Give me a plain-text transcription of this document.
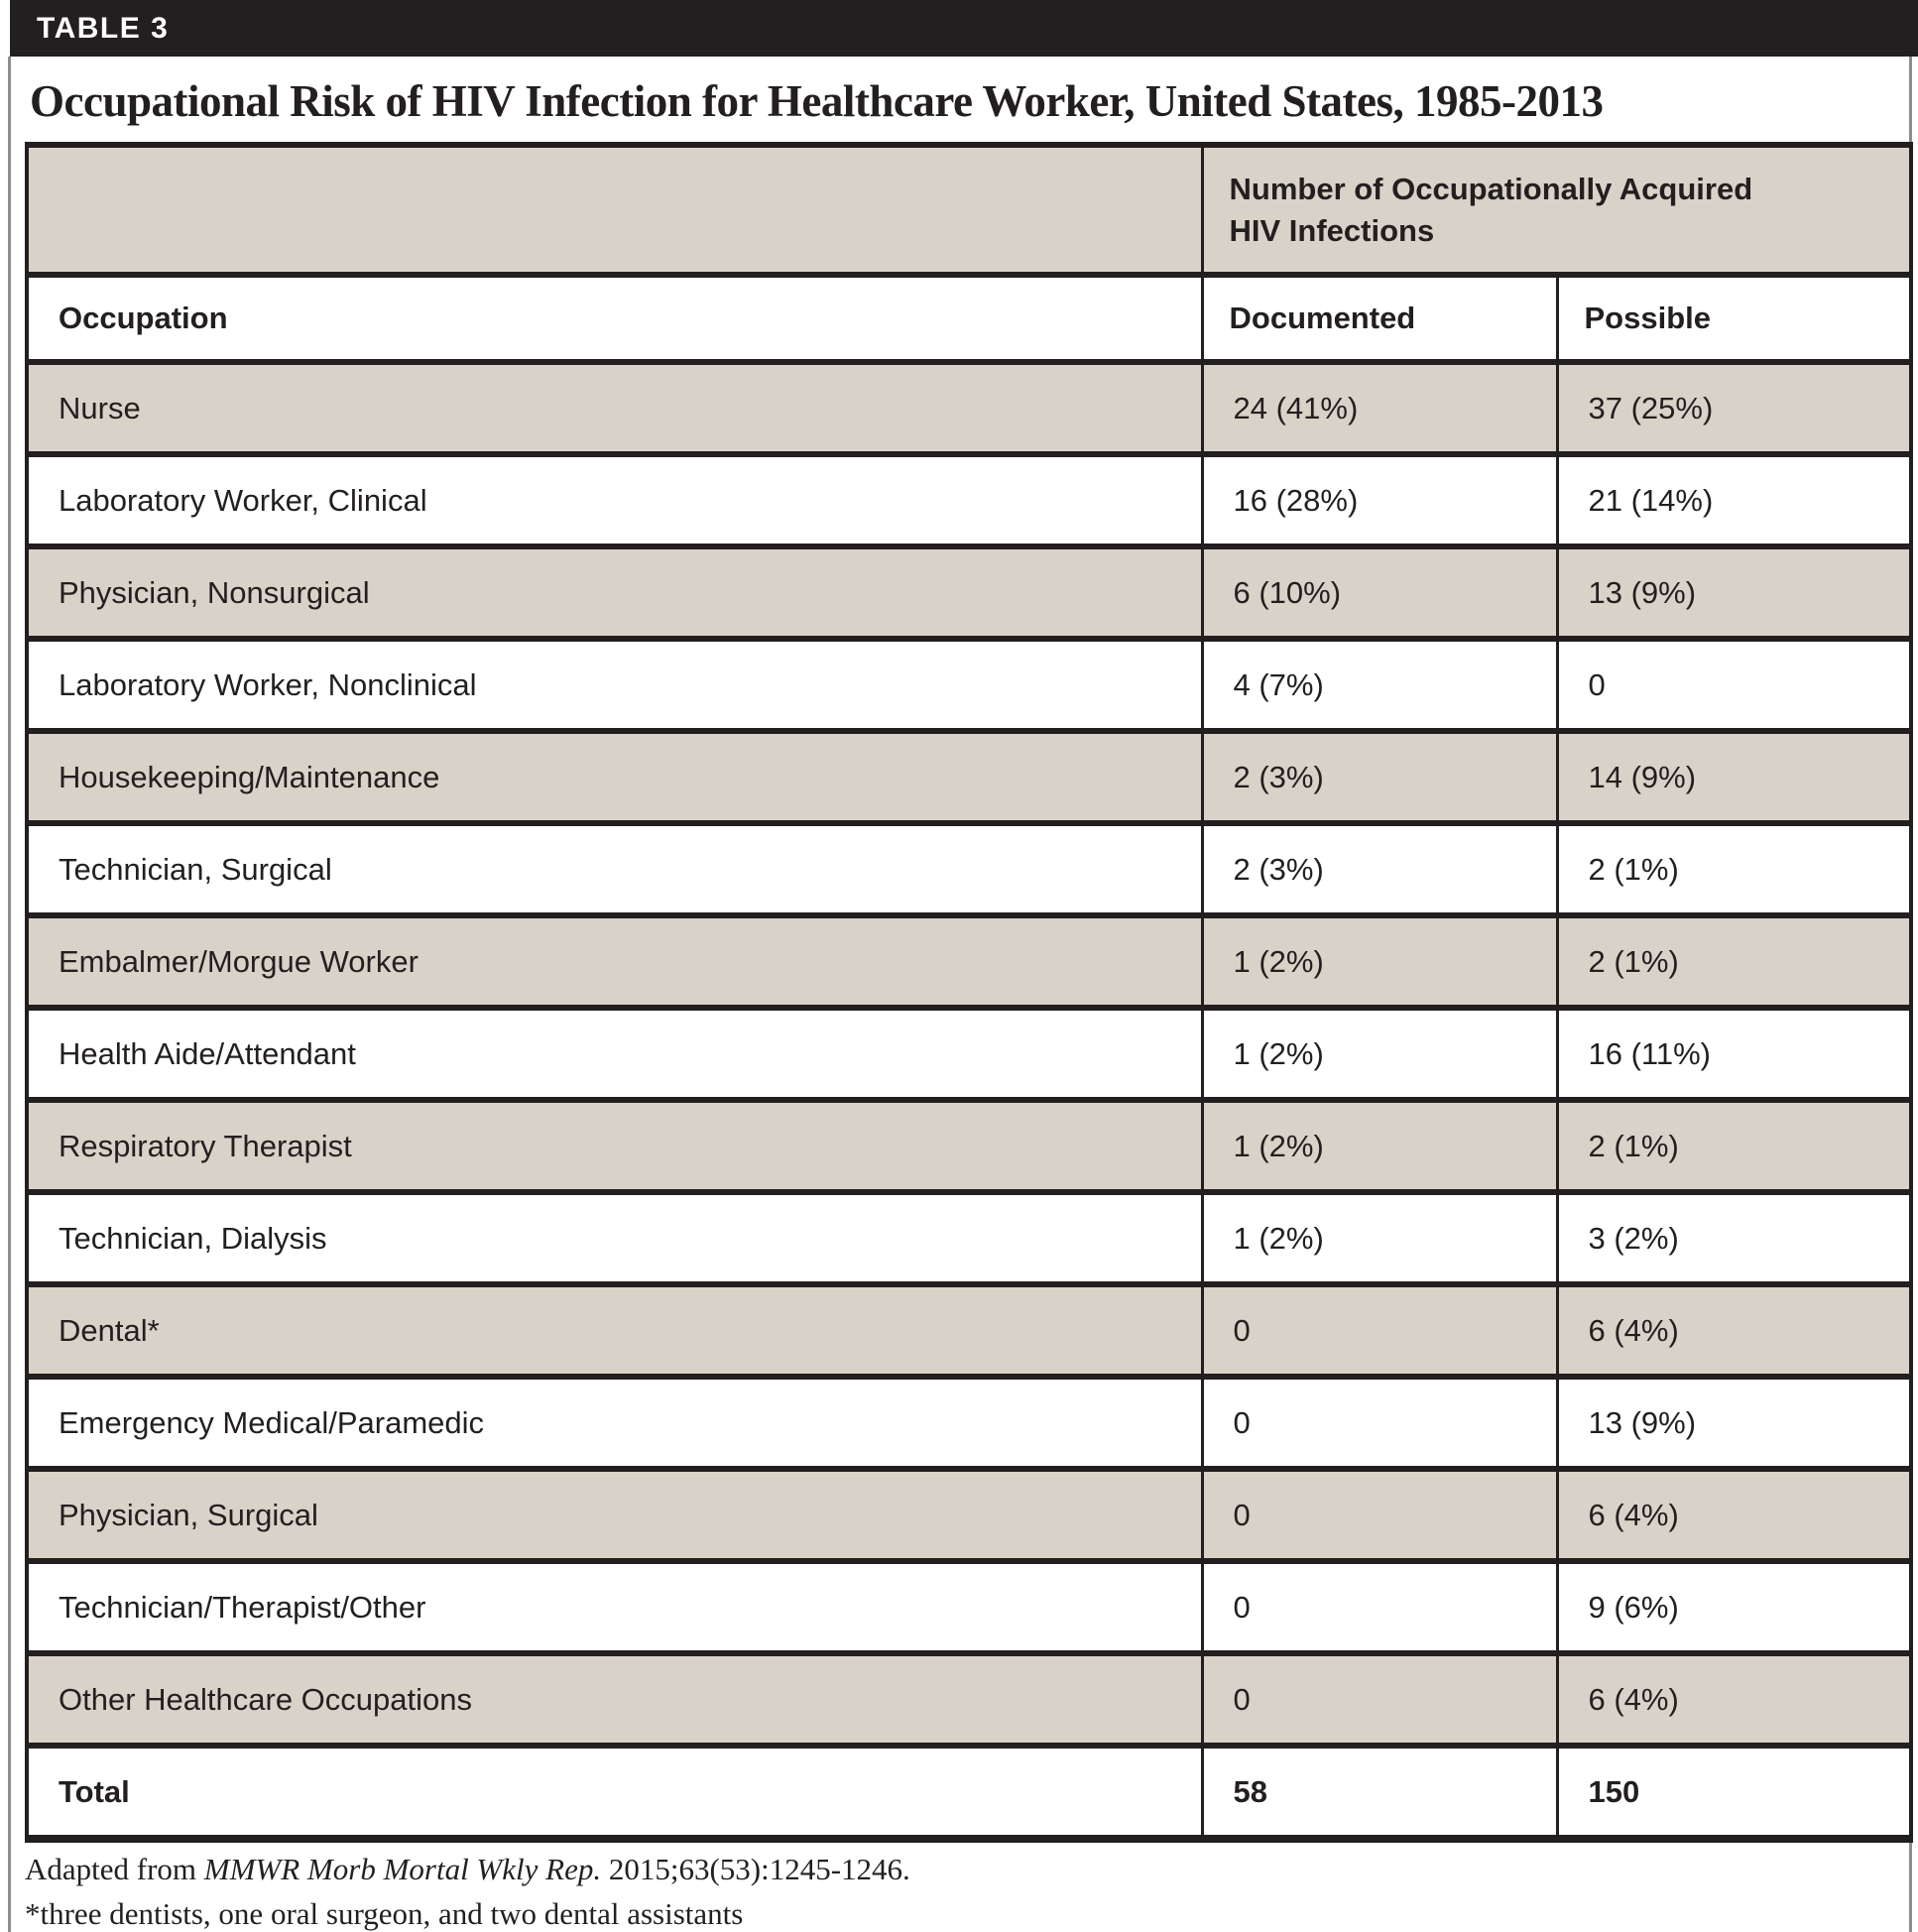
TABLE 3
Occupational Risk of HIV Infection for Healthcare Worker, United States, 1985-2013
	Number of Occupationally Acquired HIV Infections	
Occupation	Documented	Possible
Nurse	24 (41%)	37 (25%)
Laboratory Worker, Clinical	16 (28%)	21 (14%)
Physician, Nonsurgical	6 (10%)	13 (9%)
Laboratory Worker, Nonclinical	4 (7%)	0
Housekeeping/Maintenance	2 (3%)	14 (9%)
Technician, Surgical	2 (3%)	2 (1%)
Embalmer/Morgue Worker	1 (2%)	2 (1%)
Health Aide/Attendant	1 (2%)	16 (11%)
Respiratory Therapist	1 (2%)	2 (1%)
Technician, Dialysis	1 (2%)	3 (2%)
Dental*	0	6 (4%)
Emergency Medical/Paramedic	0	13 (9%)
Physician, Surgical	0	6 (4%)
Technician/Therapist/Other	0	9 (6%)
Other Healthcare Occupations	0	6 (4%)
Total	58	150

Adapted from MMWR Morb Mortal Wkly Rep. 2015;63(53):1245-1246.

*three dentists, one oral surgeon, and two dental assistants
